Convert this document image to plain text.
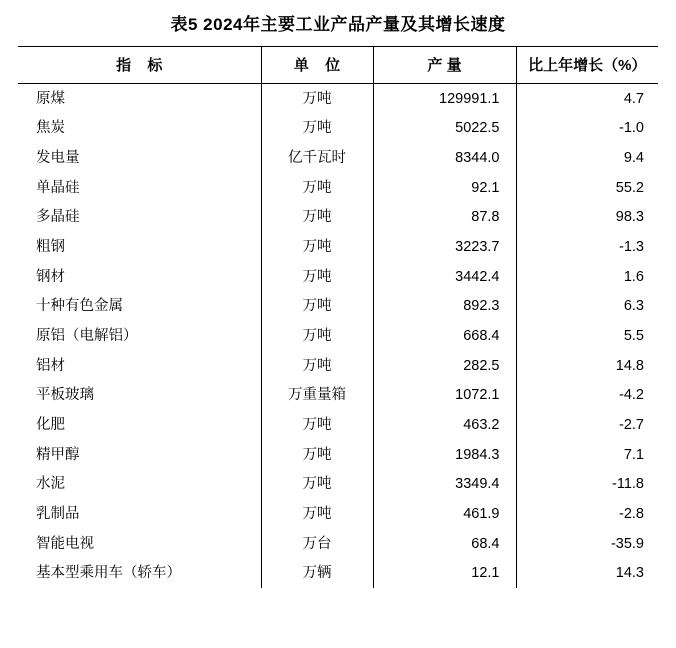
表5 2024年主要工业产品产量及其增长速度
指 标	单 位	产 量	比上年增长（%）
原煤	万吨	129991.1	4.7
焦炭	万吨	5022.5	-1.0
发电量	亿千瓦时	8344.0	9.4
单晶硅	万吨	92.1	55.2
多晶硅	万吨	87.8	98.3
粗钢	万吨	3223.7	-1.3
钢材	万吨	3442.4	1.6
十种有色金属	万吨	892.3	6.3
原铝（电解铝）	万吨	668.4	5.5
铝材	万吨	282.5	14.8
平板玻璃	万重量箱	1072.1	-4.2
化肥	万吨	463.2	-2.7
精甲醇	万吨	1984.3	7.1
水泥	万吨	3349.4	-11.8
乳制品	万吨	461.9	-2.8
智能电视	万台	68.4	-35.9
基本型乘用车（轿车）	万辆	12.1	14.3
